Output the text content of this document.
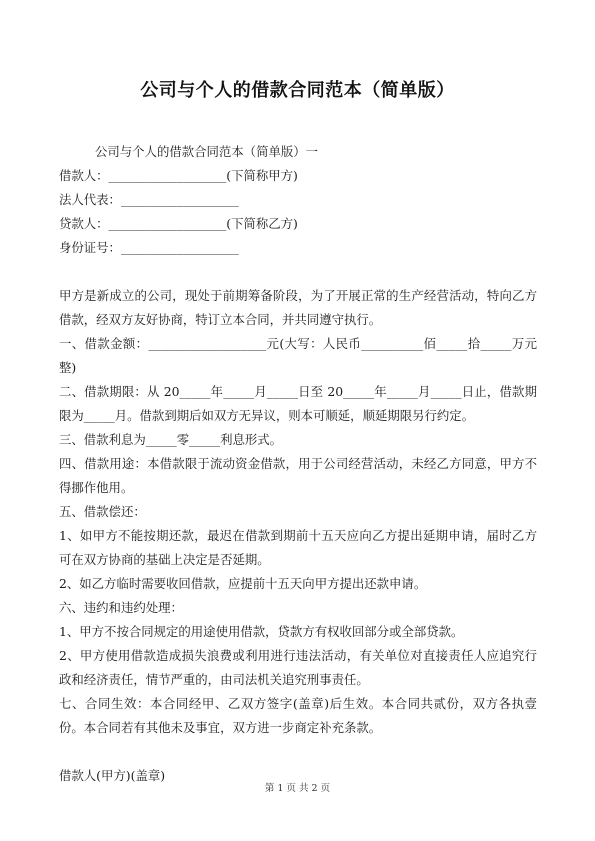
公司与个人的借款合同范本（简单版）
公司与个人的借款合同范本（简单版）一
借款人：___________________(下简称甲方)
法人代表：___________________
贷款人：___________________(下简称乙方)
身份证号：___________________
甲方是新成立的公司，现处于前期筹备阶段，为了开展正常的生产经营活动，特向乙方借款，经双方友好协商，特订立本合同，并共同遵守执行。
一、借款金额：___________________元(大写：人民币__________佰_____拾_____万元整)
二、借款期限：从 20_____年_____月_____日至 20_____年_____月_____日止，借款期限为_____月。借款到期后如双方无异议，则本可顺延，顺延期限另行约定。
三、借款利息为_____零_____利息形式。
四、借款用途：本借款限于流动资金借款，用于公司经营活动，未经乙方同意，甲方不得挪作他用。
五、借款偿还：
1、如甲方不能按期还款，最迟在借款到期前十五天应向乙方提出延期申请，届时乙方可在双方协商的基础上决定是否延期。
2、如乙方临时需要收回借款，应提前十五天向甲方提出还款申请。
六、违约和违约处理：
1、甲方不按合同规定的用途使用借款，贷款方有权收回部分或全部贷款。
2、甲方使用借款造成损失浪费或利用进行违法活动，有关单位对直接责任人应追究行政和经济责任，情节严重的，由司法机关追究刑事责任。
七、合同生效：本合同经甲、乙双方签字(盖章)后生效。本合同共贰份，双方各执壹份。本合同若有其他未及事宜，双方进一步商定补充条款。
借款人(甲方)(盖章)
第 1 页 共 2 页
